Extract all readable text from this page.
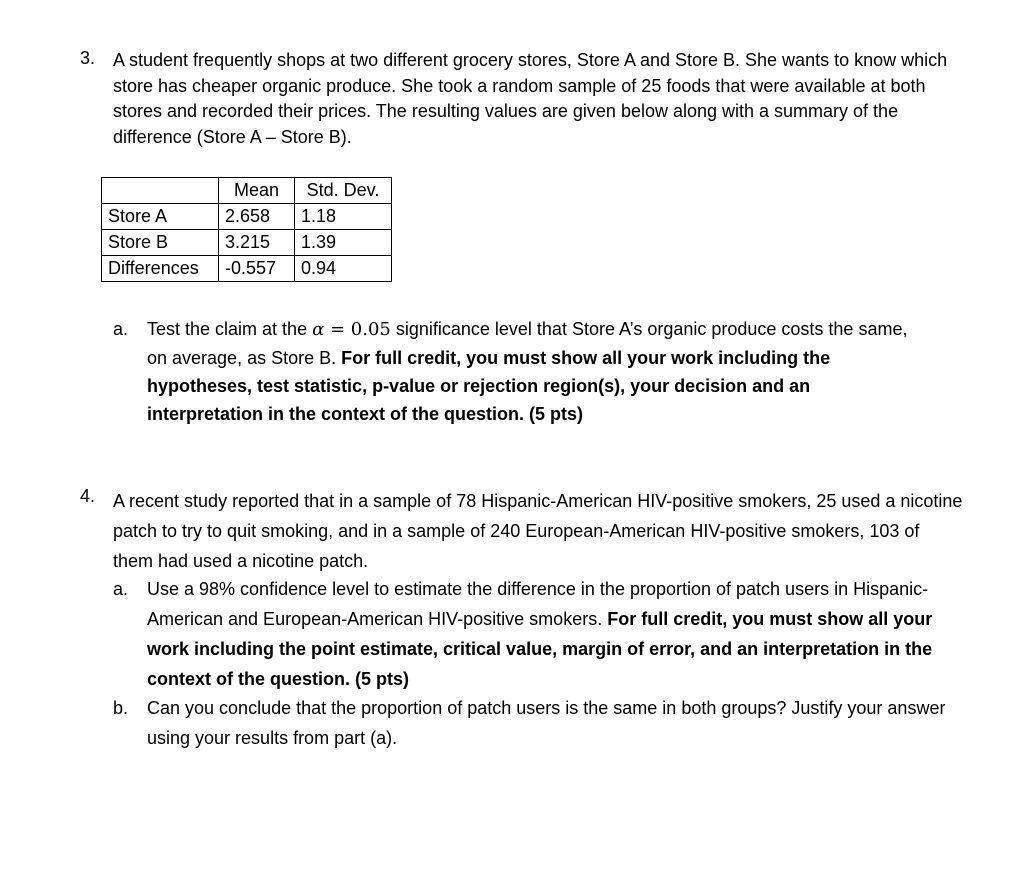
3. A student frequently shops at two different grocery stores, Store A and Store B. She wants to know which store has cheaper organic produce. She took a random sample of 25 foods that were available at both stores and recorded their prices. The resulting values are given below along with a summary of the difference (Store A – Store B).
	Mean	Std. Dev.
Store A	2.658	1.18
Store B	3.215	1.39
Differences	-0.557	0.94
a. Test the claim at the α = 0.05 significance level that Store A’s organic produce costs the same, on average, as Store B. For full credit, you must show all your work including the hypotheses, test statistic, p-value or rejection region(s), your decision and an interpretation in the context of the question. (5 pts)
4. A recent study reported that in a sample of 78 Hispanic-American HIV-positive smokers, 25 used a nicotine patch to try to quit smoking, and in a sample of 240 European-American HIV-positive smokers, 103 of them had used a nicotine patch.
a. Use a 98% confidence level to estimate the difference in the proportion of patch users in Hispanic-American and European-American HIV-positive smokers. For full credit, you must show all your work including the point estimate, critical value, margin of error, and an interpretation in the context of the question. (5 pts)
b. Can you conclude that the proportion of patch users is the same in both groups? Justify your answer using your results from part (a).
